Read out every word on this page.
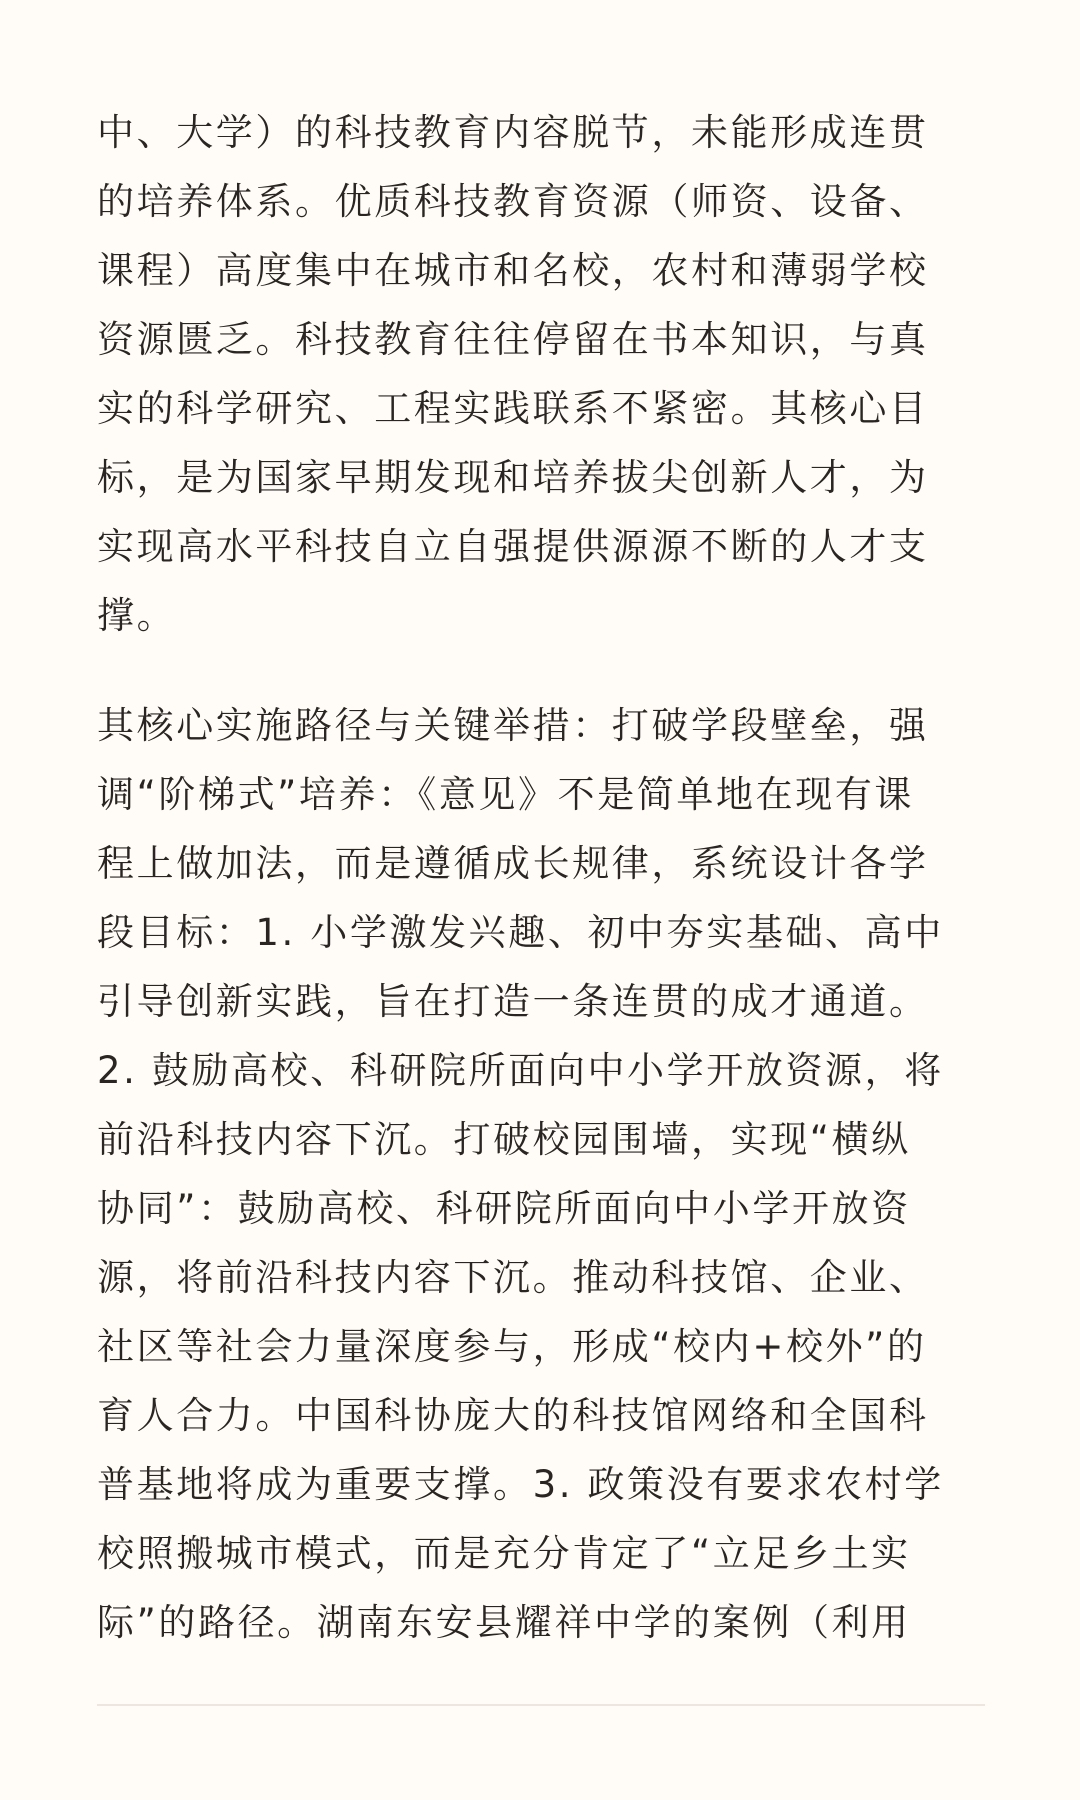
中、大学）的科技教育内容脱节，未能形成连贯
的培养体系。优质科技教育资源（师资、设备、
课程）高度集中在城市和名校，农村和薄弱学校
资源匮乏。科技教育往往停留在书本知识，与真
实的科学研究、工程实践联系不紧密。其核心目
标，是为国家早期发现和培养拔尖创新人才，为
实现高水平科技自立自强提供源源不断的人才支
撑。
其核心实施路径与关键举措：打破学段壁垒，强
调“阶梯式”培养：《意见》不是简单地在现有课
程上做加法，而是遵循成长规律，系统设计各学
段目标：1. 小学激发兴趣、初中夯实基础、高中
引导创新实践，旨在打造一条连贯的成才通道。
2. 鼓励高校、科研院所面向中小学开放资源，将
前沿科技内容下沉。打破校园围墙，实现“横纵
协同”：鼓励高校、科研院所面向中小学开放资
源，将前沿科技内容下沉。推动科技馆、企业、
社区等社会力量深度参与，形成“校内+校外”的
育人合力。中国科协庞大的科技馆网络和全国科
普基地将成为重要支撑。3. 政策没有要求农村学
校照搬城市模式，而是充分肯定了“立足乡土实
际”的路径。湖南东安县耀祥中学的案例（利用
